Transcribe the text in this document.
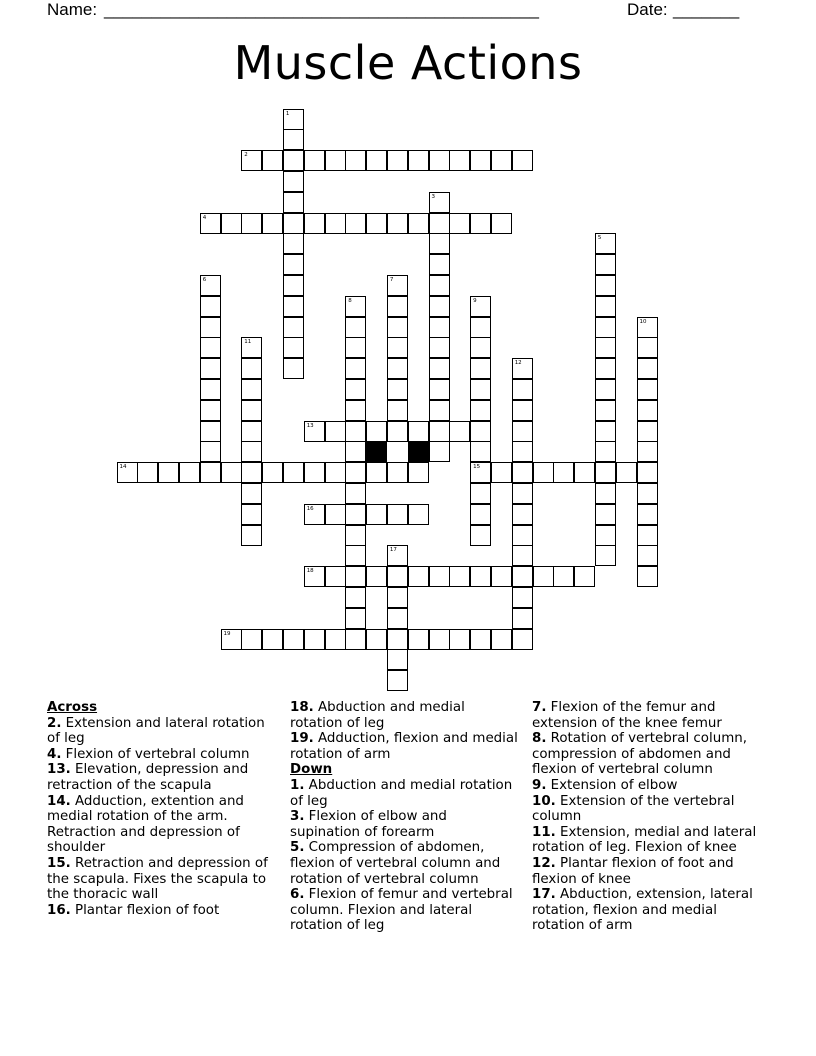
Name: ______________________________________________	Date: _______
Muscle Actions
1
2
3
4
5
6	7
8	9
15
10
11
12
13
14
16
17
18
19
Across
2. Extension and lateral rotation of leg
4. Flexion of vertebral column
13. Elevation, depression and retraction of the scapula
14. Adduction, extention and medial rotation of the arm. Retraction and depression of shoulder
15. Retraction and depression of the scapula. Fixes the scapula to the thoracic wall
16. Plantar flexion of foot
18. Abduction and medial rotation of leg
19. Adduction, flexion and medial rotation of arm
Down
1. Abduction and medial rotation of leg
3. Flexion of elbow and supination of forearm
5. Compression of abdomen, flexion of vertebral column and rotation of vertebral column
6. Flexion of femur and vertebral column. Flexion and lateral rotation of leg
7. Flexion of the femur and extension of the knee femur
8. Rotation of vertebral column, compression of abdomen and flexion of vertebral column
9. Extension of elbow
10. Extension of the vertebral column
11. Extension, medial and lateral rotation of leg. Flexion of knee
12. Plantar flexion of foot and flexion of knee
17. Abduction, extension, lateral rotation, flexion and medial rotation of arm
